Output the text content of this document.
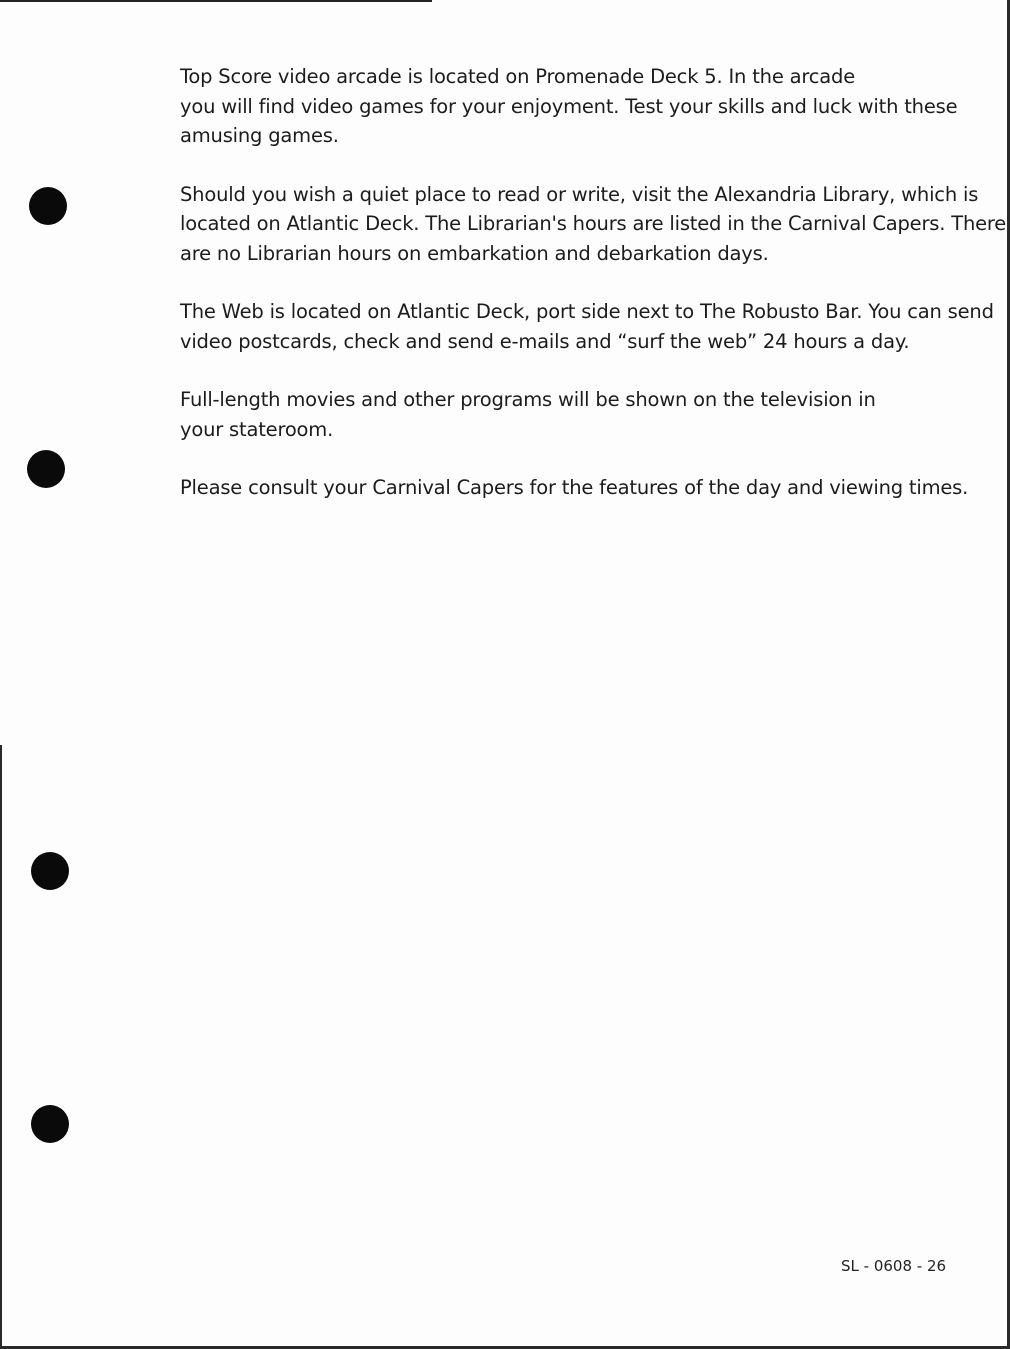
Top Score video arcade is located on Promenade Deck 5. In the arcade
you will find video games for your enjoyment. Test your skills and luck with these
amusing games.

Should you wish a quiet place to read or write, visit the Alexandria Library, which is
located on Atlantic Deck. The Librarian's hours are listed in the Carnival Capers. There
are no Librarian hours on embarkation and debarkation days.

The Web is located on Atlantic Deck, port side next to The Robusto Bar. You can send
video postcards, check and send e-mails and “surf the web” 24 hours a day.

Full-length movies and other programs will be shown on the television in
your stateroom.

Please consult your Carnival Capers for the features of the day and viewing times.

SL - 0608 - 26
